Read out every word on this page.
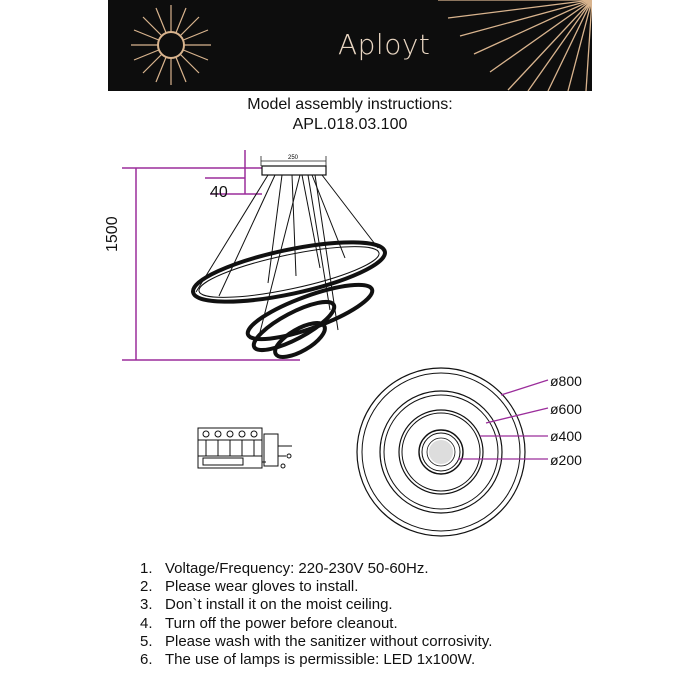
Aployt
Model assembly instructions:
APL.018.03.100
250
40
1500
ø800
ø600
ø400
ø200
1. Voltage/Frequency: 220-230V 50-60Hz.
2. Please wear gloves to install.
3. Don`t install it on the moist ceiling.
4. Turn off the power before cleanout.
5. Please wash with the sanitizer without corrosivity.
6. The use of lamps is permissible: LED 1x100W.
